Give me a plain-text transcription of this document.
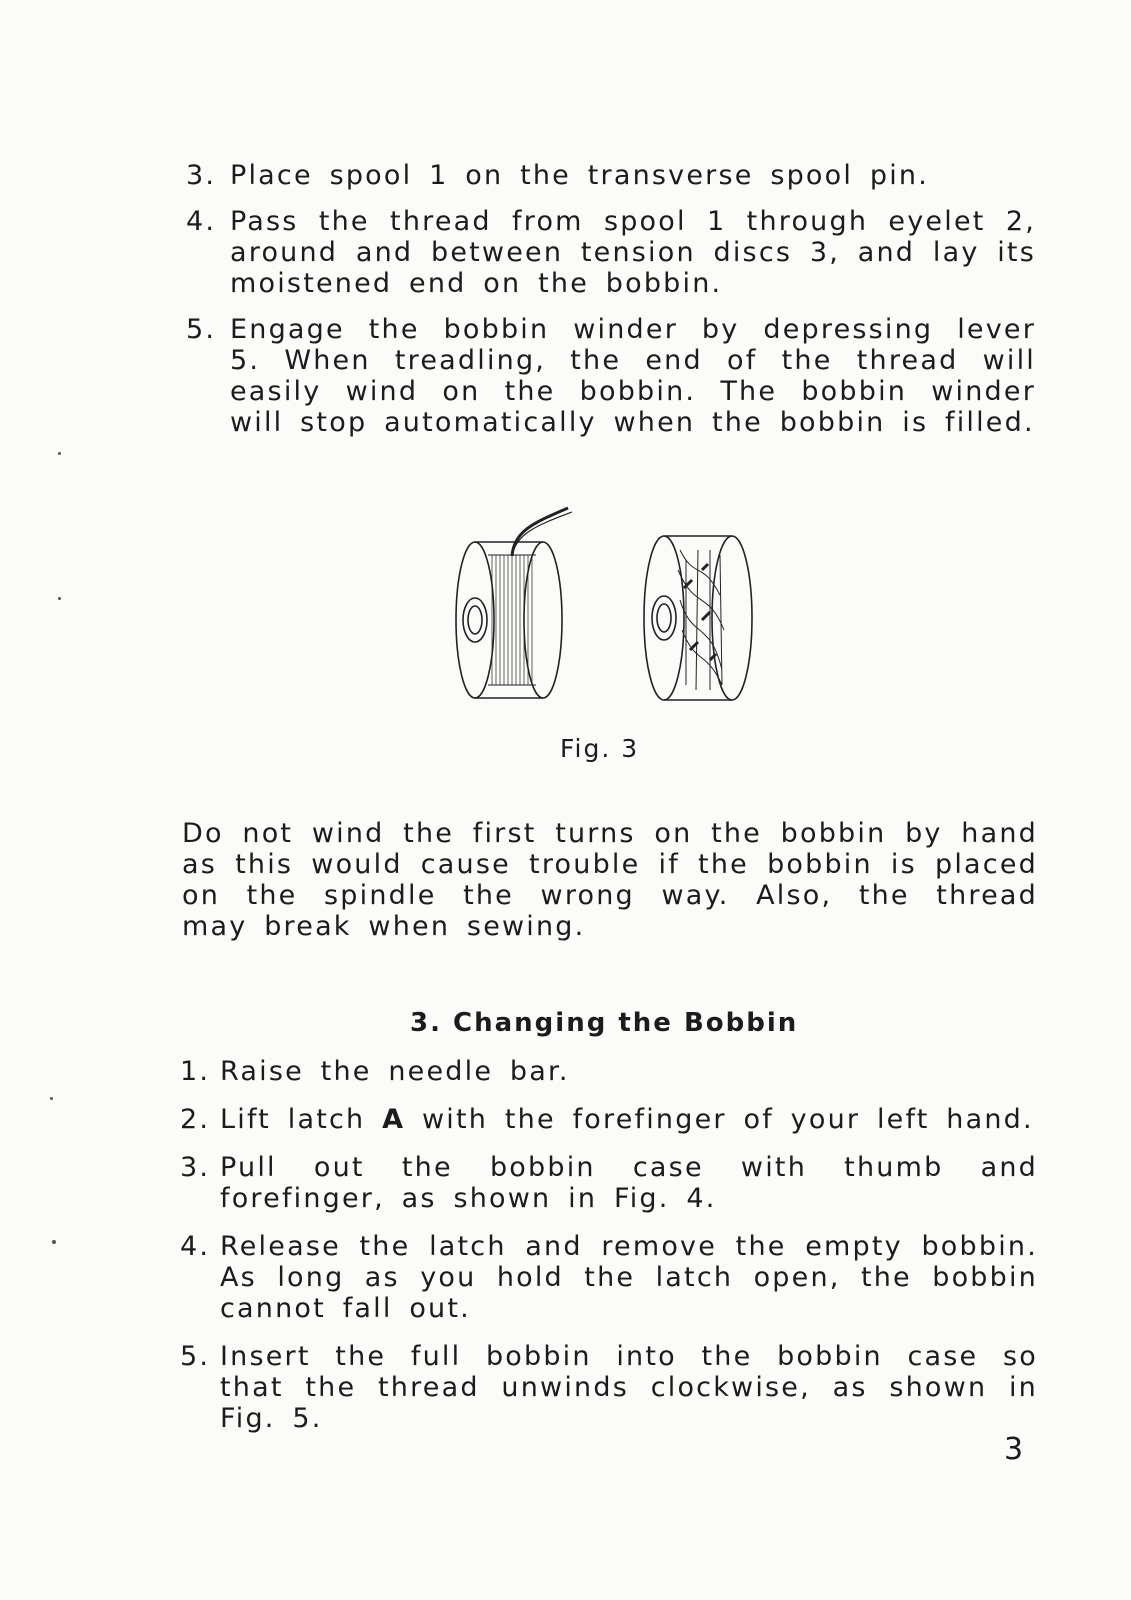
3. Place spool 1 on the transverse spool pin.
4. Pass the thread from spool 1 through eyelet 2, around and between tension discs 3, and lay its moistened end on the bobbin.
5. Engage the bobbin winder by depressing lever 5. When treadling, the end of the thread will easily wind on the bobbin. The bobbin winder will stop automatically when the bobbin is filled.
Fig. 3

Do not wind the first turns on the bobbin by hand as this would cause trouble if the bobbin is placed on the spindle the wrong way. Also, the thread may break when sewing.

3. Changing the Bobbin
1. Raise the needle bar.
2. Lift latch A with the forefinger of your left hand.
3. Pull out the bobbin case with thumb and forefinger, as shown in Fig. 4.
4. Release the latch and remove the empty bobbin. As long as you hold the latch open, the bobbin cannot fall out.
5. Insert the full bobbin into the bobbin case so that the thread unwinds clockwise, as shown in Fig. 5.
3
